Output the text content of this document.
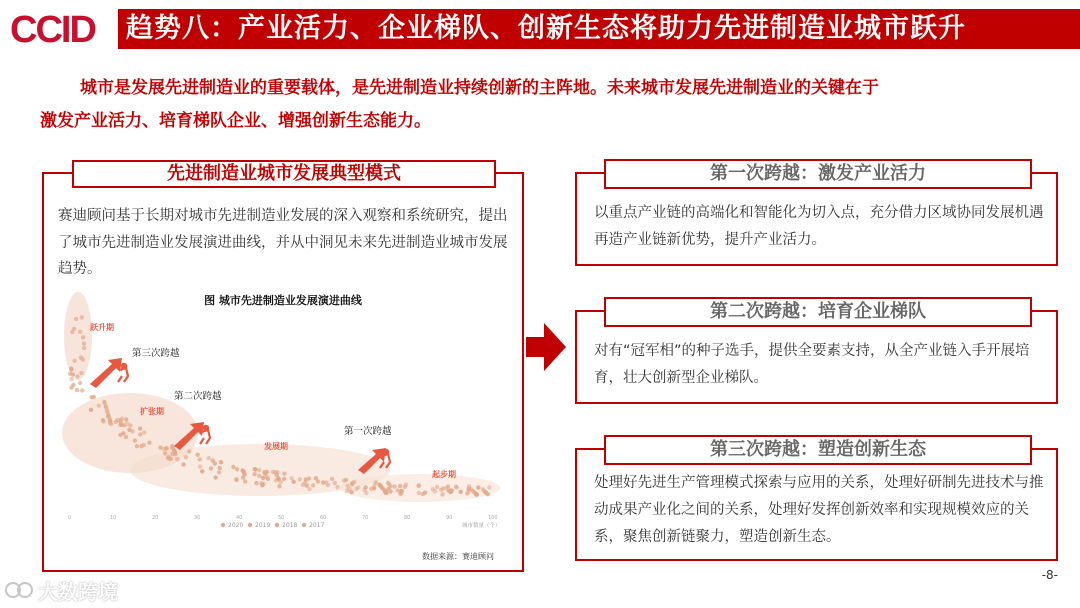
CCID	趋势八：产业活力、企业梯队、创新生态将助力先进制造业城市跃升
城市是发展先进制造业的重要载体，是先进制造业持续创新的主阵地。未来城市发展先进制造业的关键在于
激发产业活力、培育梯队企业、增强创新生态能力。
先进制造业城市发展典型模式
赛迪顾问基于长期对城市先进制造业发展的深入观察和系统研究，提出了城市先进制造业发展演进曲线，并从中洞见未来先进制造业城市发展趋势。
跃升期
第三次跨越
扩张期
第二次跨越
发展期
第一次跨越
起步期
0	10	20	30	40	50	60	70	80	90	100
城市数量（个）
2020 2019 2018 2017
图 城市先进制造业发展演进曲线
数据来源：赛迪顾问
第一次跨越：激发产业活力
以重点产业链的高端化和智能化为切入点，充分借力区域协同发展机遇再造产业链新优势，提升产业活力。
第二次跨越：培育企业梯队
对有“冠军相”的种子选手，提供全要素支持，从全产业链入手开展培育，壮大创新型企业梯队。
第三次跨越：塑造创新生态
处理好先进生产管理模式探索与应用的关系，处理好研制先进技术与推动成果产业化之间的关系，处理好发挥创新效率和实现规模效应的关系，聚焦创新链聚力，塑造创新生态。
-8-
大数跨境
